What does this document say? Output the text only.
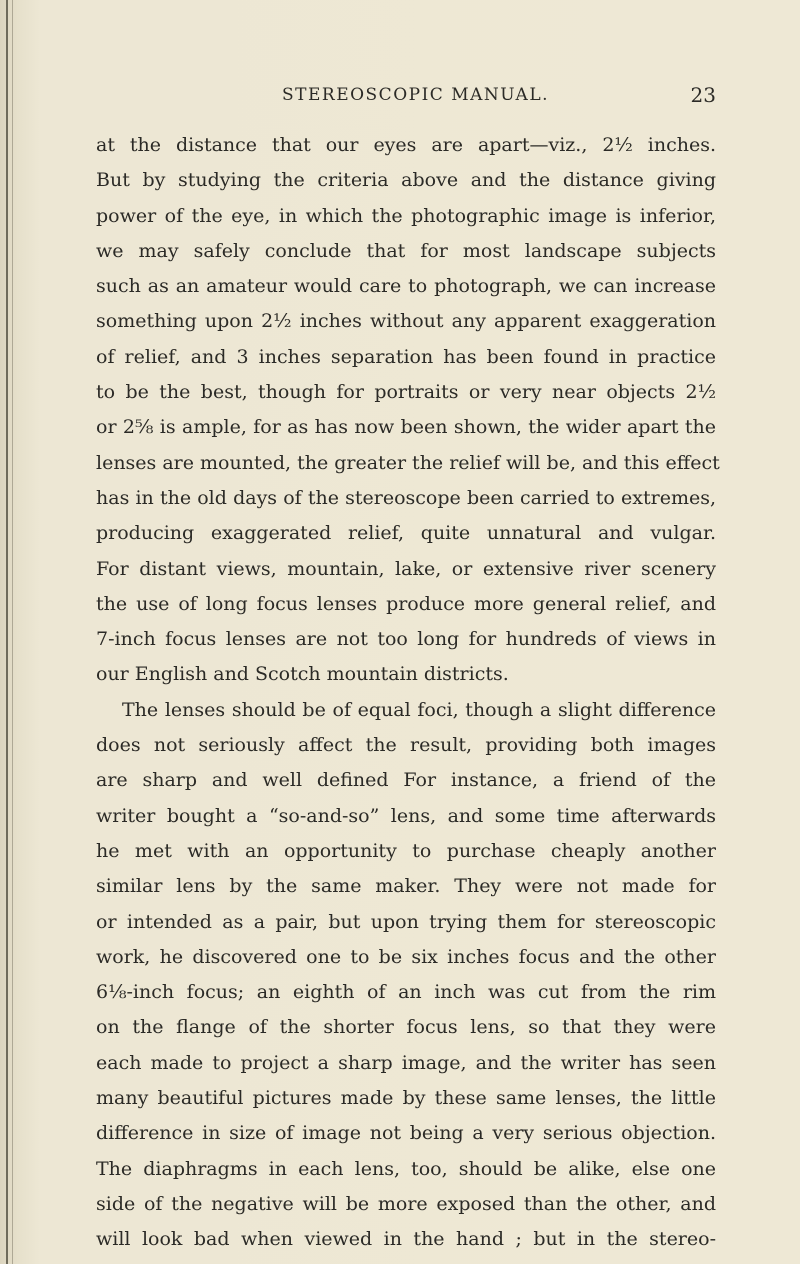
STEREOSCOPIC MANUAL.	23
at the distance that our eyes are apart—viz., 2½ inches.
But by studying the criteria above and the distance giving
power of the eye, in which the photographic image is inferior,
we may safely conclude that for most landscape subjects
such as an amateur would care to photograph, we can increase
something upon 2½ inches without any apparent exaggeration
of relief, and 3 inches separation has been found in practice
to be the best, though for portraits or very near objects 2½
or 2⅝ is ample, for as has now been shown, the wider apart the
lenses are mounted, the greater the relief will be, and this effect
has in the old days of the stereoscope been carried to extremes,
producing exaggerated relief, quite unnatural and vulgar.
For distant views, mountain, lake, or extensive river scenery
the use of long focus lenses produce more general relief, and
7-inch focus lenses are not too long for hundreds of views in
our English and Scotch mountain districts.
The lenses should be of equal foci, though a slight difference
does not seriously affect the result, providing both images
are sharp and well defined For instance, a friend of the
writer bought a “so-and-so” lens, and some time afterwards
he met with an opportunity to purchase cheaply another
similar lens by the same maker. They were not made for
or intended as a pair, but upon trying them for stereoscopic
work, he discovered one to be six inches focus and the other
6⅛-inch focus; an eighth of an inch was cut from the rim
on the flange of the shorter focus lens, so that they were
each made to project a sharp image, and the writer has seen
many beautiful pictures made by these same lenses, the little
difference in size of image not being a very serious objection.
The diaphragms in each lens, too, should be alike, else one
side of the negative will be more exposed than the other, and
will look bad when viewed in the hand ; but in the stereo-
